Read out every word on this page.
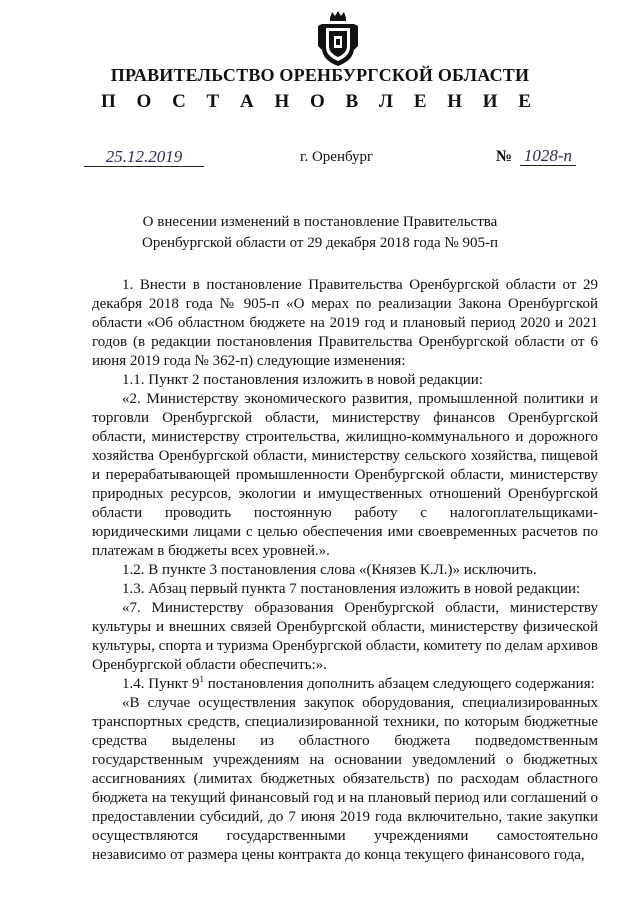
ПРАВИТЕЛЬСТВО ОРЕНБУРГСКОЙ ОБЛАСТИ
П О С Т А Н О В Л Е Н И Е
25.12.2019	г. Оренбург	№ 1028-п
О внесении изменений в постановление Правительства
Оренбургской области от 29 декабря 2018 года № 905-п

1. Внести в постановление Правительства Оренбургской области от 29 декабря 2018 года № 905-п «О мерах по реализации Закона Оренбургской области «Об областном бюджете на 2019 год и плановый период 2020 и 2021 годов (в редакции постановления Правительства Оренбургской области от 6 июня 2019 года № 362-п) следующие изменения:

1.1. Пункт 2 постановления изложить в новой редакции:

«2. Министерству экономического развития, промышленной политики и торговли Оренбургской области, министерству финансов Оренбургской области, министерству строительства, жилищно-коммунального и дорожного хозяйства Оренбургской области, министерству сельского хозяйства, пищевой и перерабатывающей промышленности Оренбургской области, министерству природных ресурсов, экологии и имущественных отношений Оренбургской области проводить постоянную работу с налогоплательщиками-юридическими лицами с целью обеспечения ими своевременных расчетов по платежам в бюджеты всех уровней.».

1.2. В пункте 3 постановления слова «(Князев К.Л.)» исключить.

1.3. Абзац первый пункта 7 постановления изложить в новой редакции:

«7. Министерству образования Оренбургской области, министерству культуры и внешних связей Оренбургской области, министерству физической культуры, спорта и туризма Оренбургской области, комитету по делам архивов Оренбургской области обеспечить:».

1.4. Пункт $9^1$ постановления дополнить абзацем следующего содержания:

«В случае осуществления закупок оборудования, специализированных транспортных средств, специализированной техники, по которым бюджетные средства выделены из областного бюджета подведомственным государственным учреждениям на основании уведомлений о бюджетных ассигнованиях (лимитах бюджетных обязательств) по расходам областного бюджета на текущий финансовый год и на плановый период или соглашений о предоставлении субсидий, до 7 июня 2019 года включительно, такие закупки осуществляются государственными учреждениями самостоятельно независимо от размера цены контракта до конца текущего финансового года,
